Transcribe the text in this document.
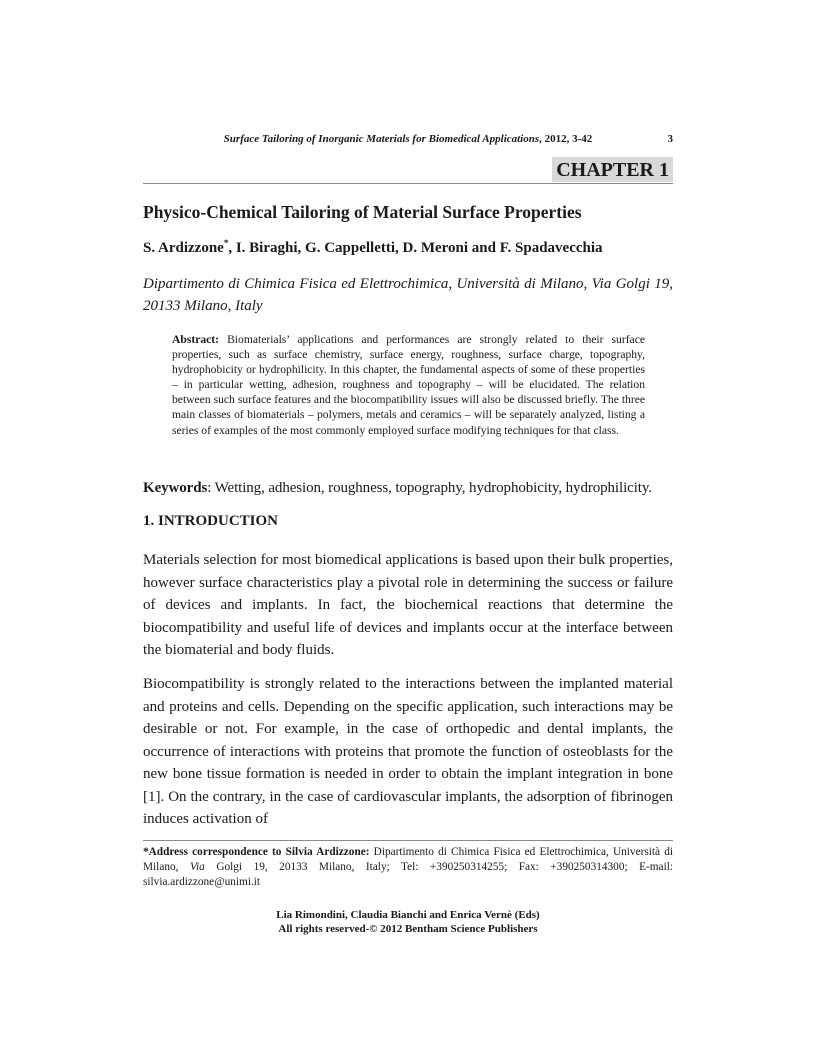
Surface Tailoring of Inorganic Materials for Biomedical Applications, 2012, 3-42	3
CHAPTER 1
Physico-Chemical Tailoring of Material Surface Properties
S. Ardizzone*, I. Biraghi, G. Cappelletti, D. Meroni and F. Spadavecchia
Dipartimento di Chimica Fisica ed Elettrochimica, Università di Milano, Via Golgi 19, 20133 Milano, Italy
Abstract: Biomaterials’ applications and performances are strongly related to their surface properties, such as surface chemistry, surface energy, roughness, surface charge, topography, hydrophobicity or hydrophilicity. In this chapter, the fundamental aspects of some of these properties – in particular wetting, adhesion, roughness and topography – will be elucidated. The relation between such surface features and the biocompatibility issues will also be discussed briefly. The three main classes of biomaterials – polymers, metals and ceramics – will be separately analyzed, listing a series of examples of the most commonly employed surface modifying techniques for that class.
Keywords: Wetting, adhesion, roughness, topography, hydrophobicity, hydrophilicity.
1. INTRODUCTION
Materials selection for most biomedical applications is based upon their bulk properties, however surface characteristics play a pivotal role in determining the success or failure of devices and implants. In fact, the biochemical reactions that determine the biocompatibility and useful life of devices and implants occur at the interface between the biomaterial and body fluids.
Biocompatibility is strongly related to the interactions between the implanted material and proteins and cells. Depending on the specific application, such interactions may be desirable or not. For example, in the case of orthopedic and dental implants, the occurrence of interactions with proteins that promote the function of osteoblasts for the new bone tissue formation is needed in order to obtain the implant integration in bone [1]. On the contrary, in the case of cardiovascular implants, the adsorption of fibrinogen induces activation of
*Address correspondence to Silvia Ardizzone: Dipartimento di Chimica Fisica ed Elettrochimica, Università di Milano, Via Golgi 19, 20133 Milano, Italy; Tel: +390250314255; Fax: +390250314300; E-mail: silvia.ardizzone@unimi.it
Lia Rimondini, Claudia Bianchi and Enrica Vernè (Eds)
All rights reserved-© 2012 Bentham Science Publishers
